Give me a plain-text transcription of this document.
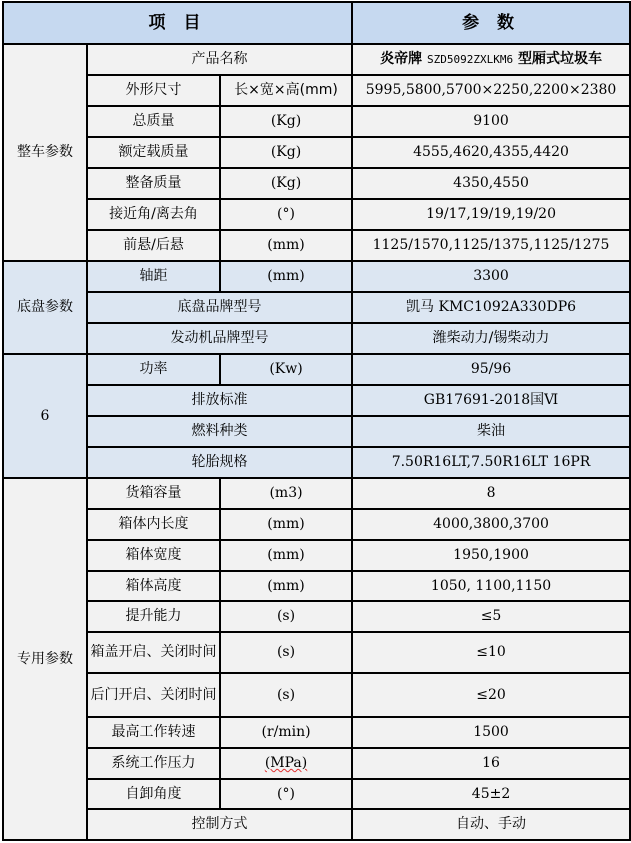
项 目			参 数
整车参数	产品名称		炎帝牌 SZD5092ZXLKM6 型厢式垃圾车
	外形尺寸	长×宽×高(mm)	5995,5800,5700×2250,2200×2380
	总质量	(Kg)	9100
	额定载质量	(Kg)	4555,4620,4355,4420
	整备质量	(Kg)	4350,4550
	接近角/离去角	(°)	19/17,19/19,19/20
	前悬/后悬	(mm)	1125/1570,1125/1375,1125/1275
底盘参数	轴距	(mm)	3300
	底盘品牌型号		凯马 KMC1092A330DP6
	发动机品牌型号		潍柴动力/锡柴动力
6	功率	(Kw)	95/96
	排放标准		GB17691-2018国Ⅵ
	燃料种类		柴油
	轮胎规格		7.50R16LT,7.50R16LT 16PR
专用参数	货箱容量	(m3)	8
	箱体内长度	(mm)	4000,3800,3700
	箱体宽度	(mm)	1950,1900
	箱体高度	(mm)	1050, 1100,1150
	提升能力	(s)	≤5
	箱盖开启、关闭时间	(s)	≤10
	后门开启、关闭时间	(s)	≤20
	最高工作转速	(r/min)	1500
	系统工作压力	(MPa)	16
	自卸角度	(°)	45±2
	控制方式		自动、手动
